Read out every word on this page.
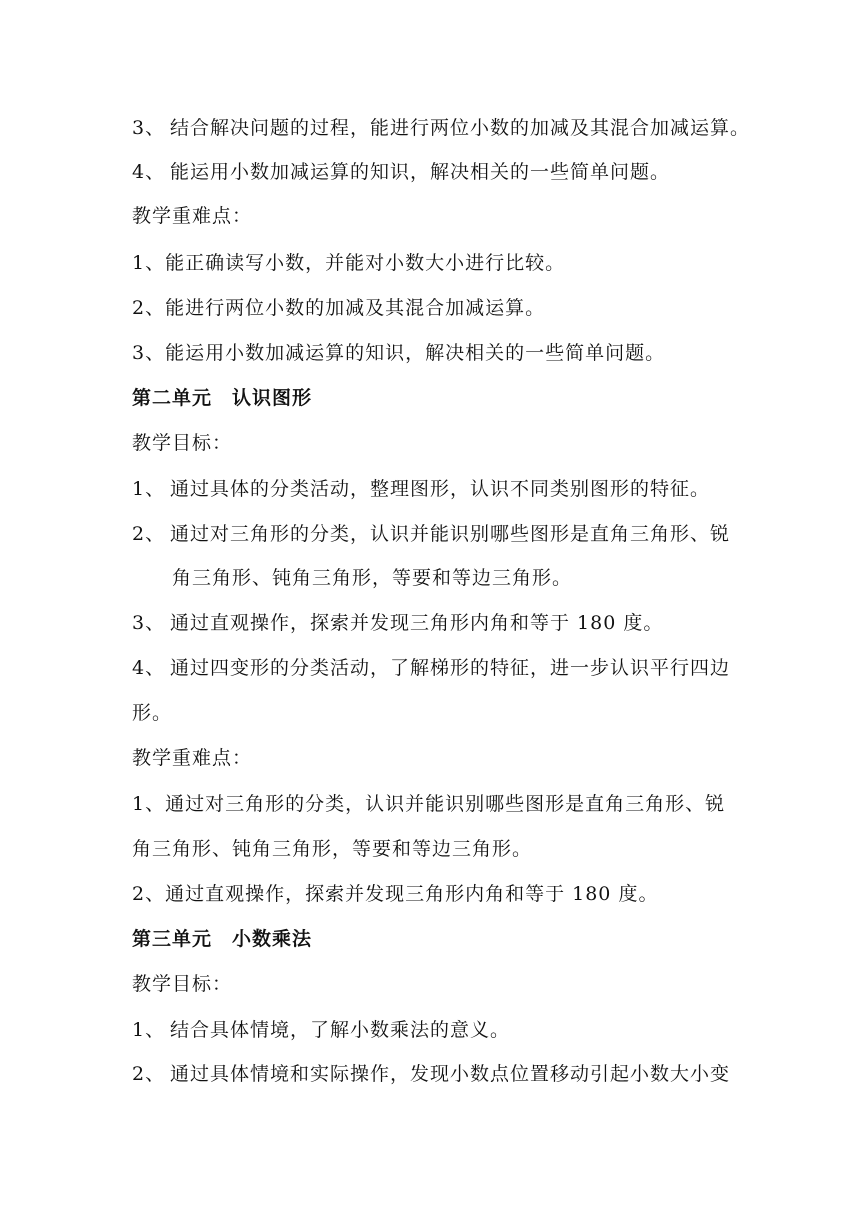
3、 结合解决问题的过程，能进行两位小数的加减及其混合加减运算。
4、 能运用小数加减运算的知识，解决相关的一些简单问题。
教学重难点：
1、能正确读写小数，并能对小数大小进行比较。
2、能进行两位小数的加减及其混合加减运算。
3、能运用小数加减运算的知识，解决相关的一些简单问题。
第二单元　认识图形
教学目标：
1、 通过具体的分类活动，整理图形，认识不同类别图形的特征。
2、 通过对三角形的分类，认识并能识别哪些图形是直角三角形、锐
角三角形、钝角三角形，等要和等边三角形。
3、 通过直观操作，探索并发现三角形内角和等于 180 度。
4、 通过四变形的分类活动，了解梯形的特征，进一步认识平行四边
形。
教学重难点：
1、通过对三角形的分类，认识并能识别哪些图形是直角三角形、锐
角三角形、钝角三角形，等要和等边三角形。
2、通过直观操作，探索并发现三角形内角和等于 180 度。
第三单元　小数乘法
教学目标：
1、 结合具体情境，了解小数乘法的意义。
2、 通过具体情境和实际操作，发现小数点位置移动引起小数大小变
